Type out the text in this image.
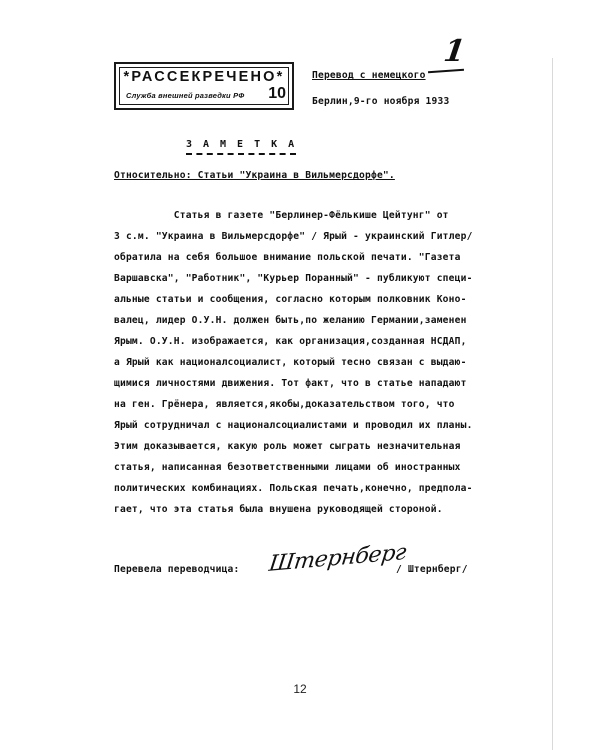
*РАССЕКРЕЧЕНО*
Служба внешней разведки РФ 10
1
Перевод с немецкого
Берлин,9-го ноября 1933
ЗАМЕТКА
Относительно: Статьи "Украина в Вильмерсдорфе".
Статья в газете "Берлинер-Фёлькише Цейтунг" от
3 с.м. "Украина в Вильмерсдорфе" / Ярый - украинский Гитлер/
обратила на себя большое внимание польской печати. "Газета
Варшавска", "Работник", "Курьер Поранный" - публикуют специ-
альные статьи и сообщения, согласно которым полковник Коно-
валец, лидер О.У.Н. должен быть,по желанию Германии,заменен
Ярым. О.У.Н. изображается, как организация,созданная НСДАП,
а Ярый как националсоциалист, который тесно связан с выдаю-
щимися личностями движения. Тот факт, что в статье нападают
на ген. Грёнера, является,якобы,доказательством того, что
Ярый сотрудничал с националсоциалистами и проводил их планы.
Этим доказывается, какую роль может сыграть незначительная
статья, написанная безответственными лицами об иностранных
политических комбинациях. Польская печать,конечно, предпола-
гает, что эта статья была внушена руководящей стороной.
Перевела переводчица: Штернберг
/ Штернберг/
12
